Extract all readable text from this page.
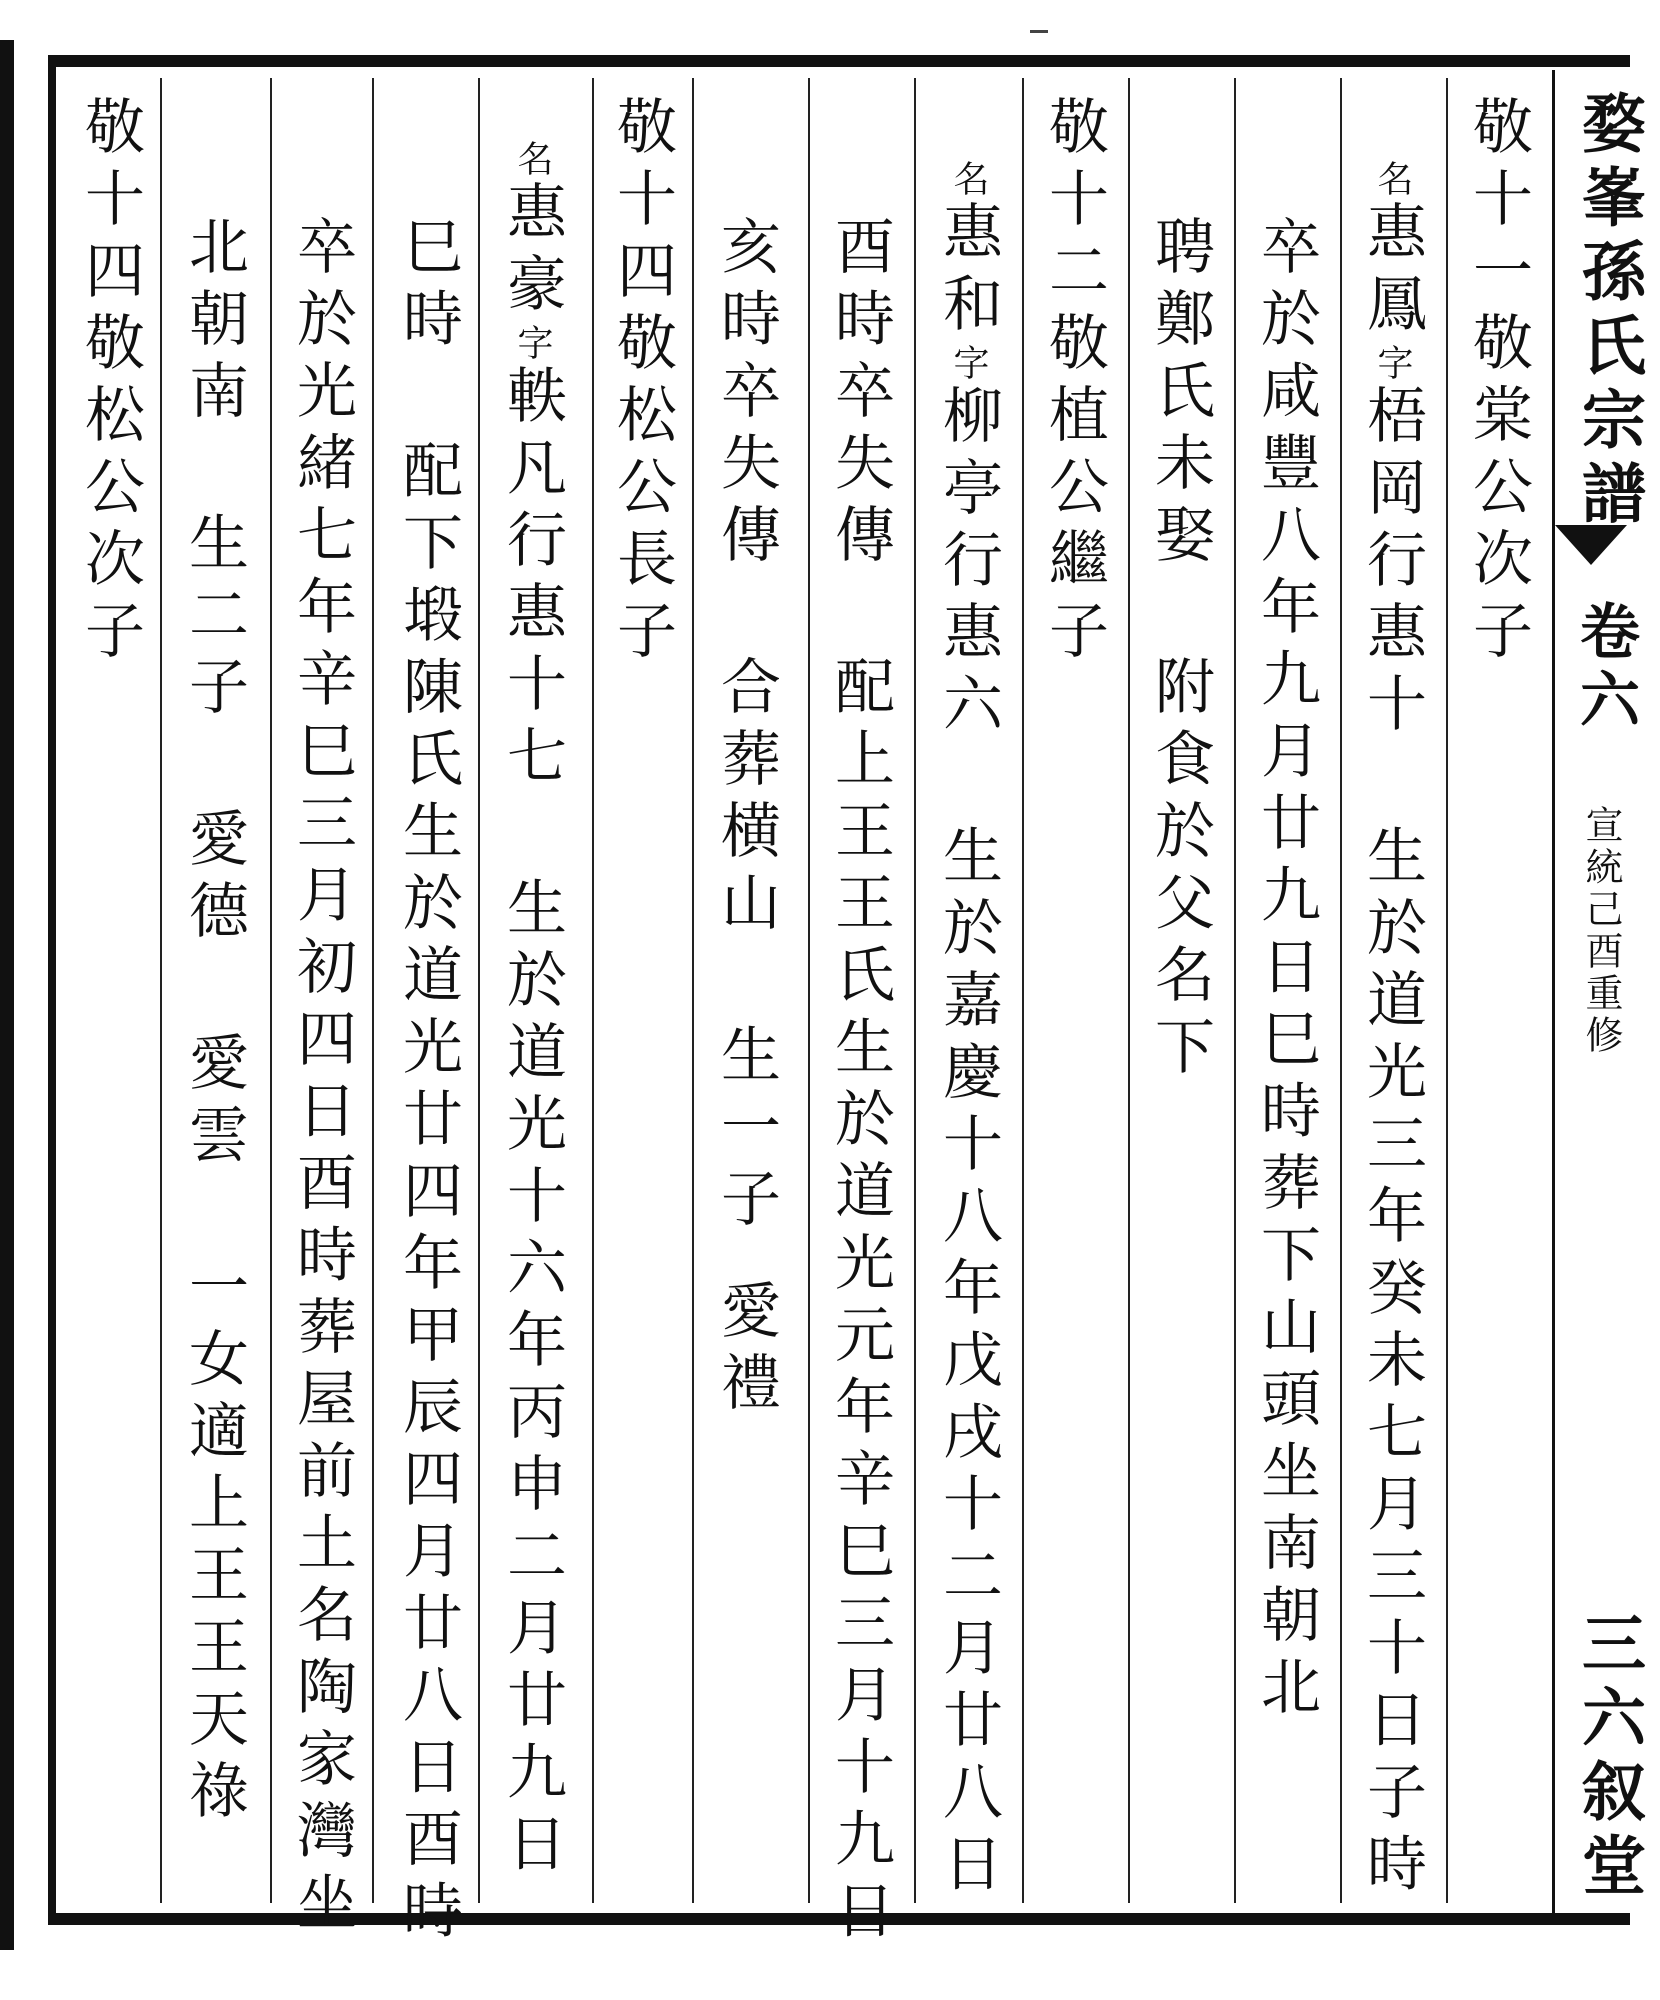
婺峯孫氏宗譜
卷六
宣統己酉重修
三六叙堂
敬十一敬棠公次子
名惠鳳字梧岡行惠十生於道光三年癸未七月三十日子時
卒於咸豐八年九月廿九日巳時葬下山頭坐南朝北
聘鄭氏未娶附食於父名下
敬十二敬植公繼子
名惠和字柳亭行惠六生於嘉慶十八年戊戌十二月廿八日
酉時卒失傳配上王王氏生於道光元年辛巳三月十九日
亥時卒失傳合葬横山生一子愛禮
敬十四敬松公長子
名惠豪字軼凡行惠十七生於道光十六年丙申二月廿九日
巳時配下塅陳氏生於道光廿四年甲辰四月廿八日酉時
卒於光緒七年辛巳三月初四日酉時葬屋前土名陶家灣坐
北朝南生二子愛德愛雲一女適上王王天祿
敬十四敬松公次子
